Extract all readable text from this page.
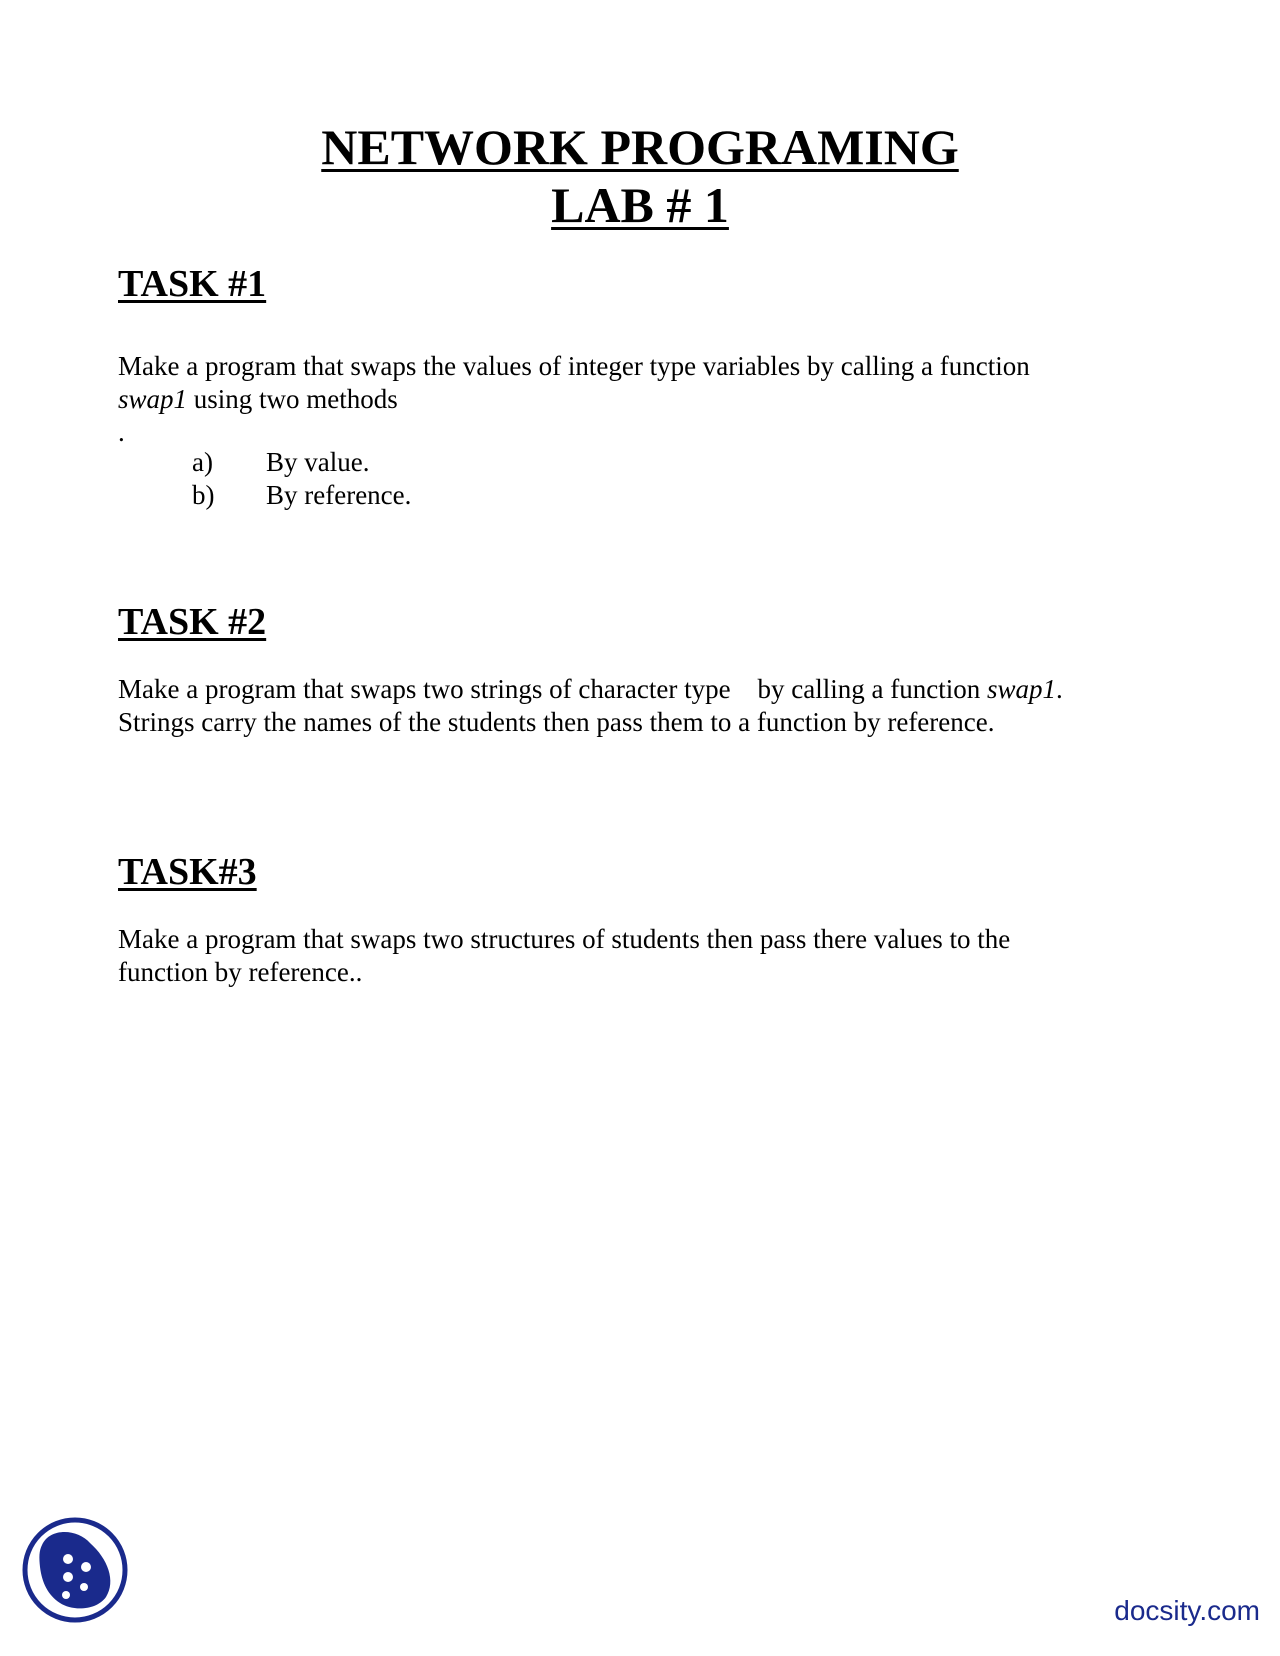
NETWORK PROGRAMING
LAB # 1
TASK #1

Make a program that swaps the values of integer type variables by calling a function
swap1 using two methods
.

a) By value.
b) By reference.
TASK #2

Make a program that swaps two strings of character type    by calling a function swap1.
Strings carry the names of the students then pass them to a function by reference.

TASK#3

Make a program that swaps two structures of students then pass there values to the
function by reference..

docsity.com
